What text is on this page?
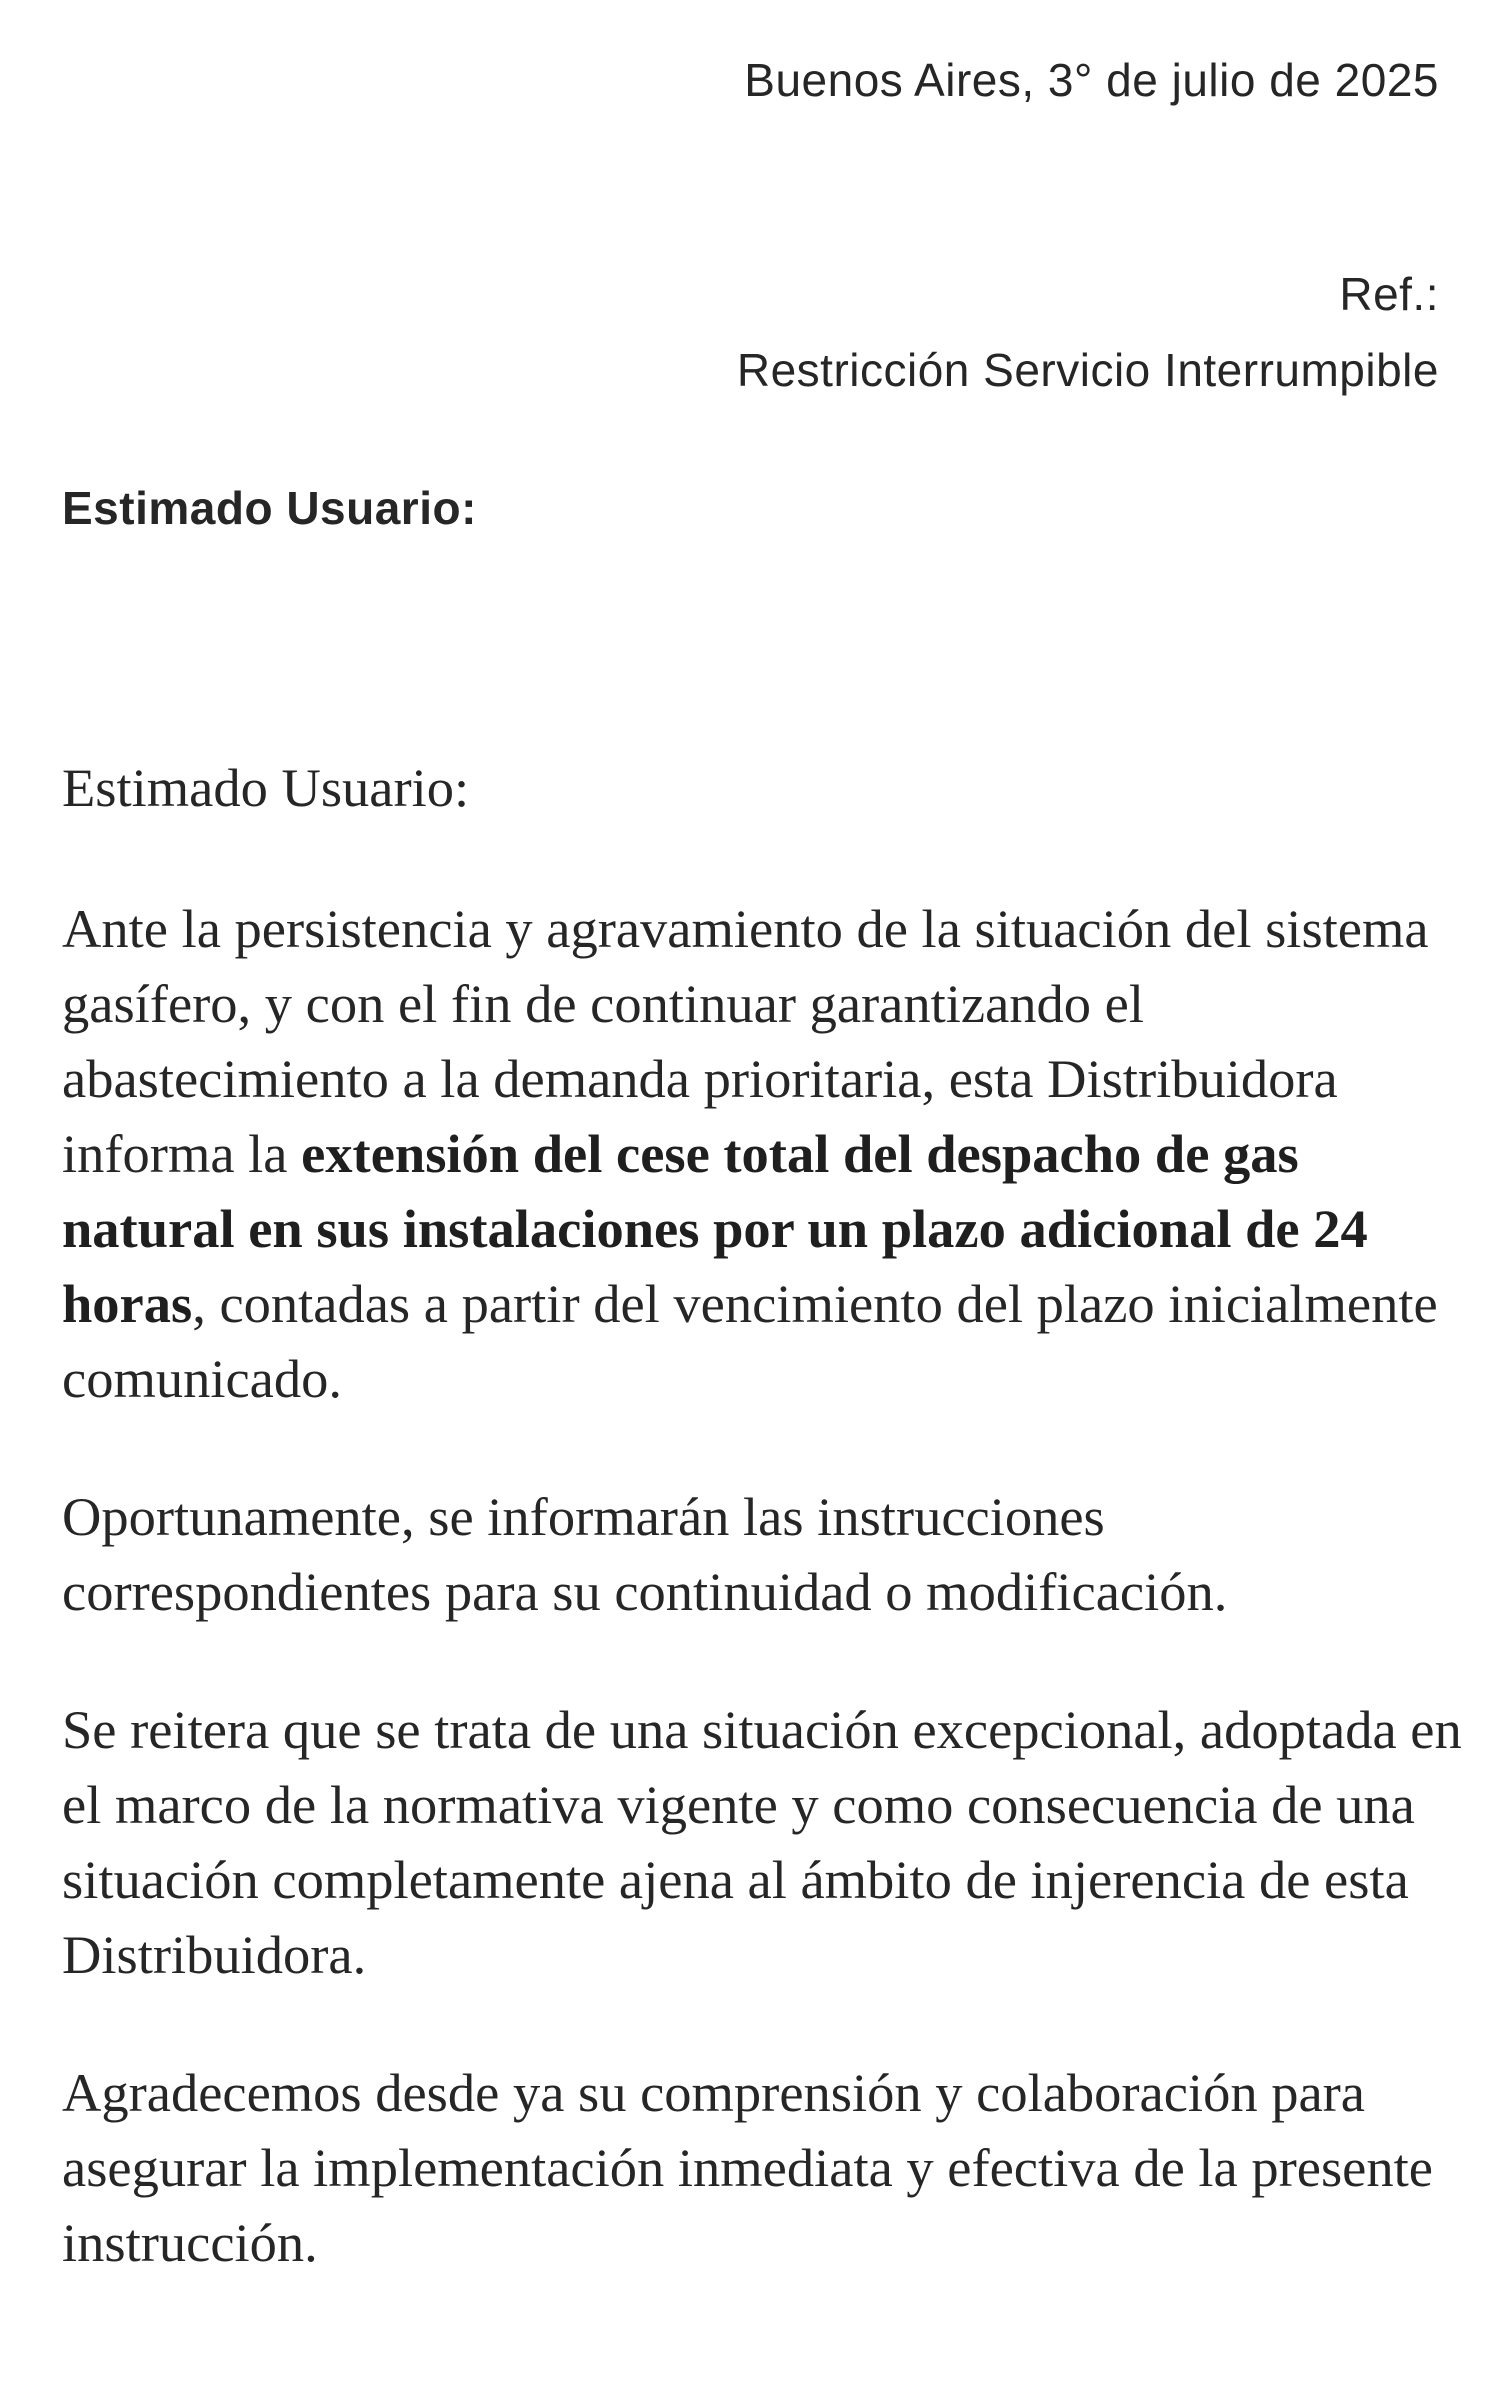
Buenos Aires, 3° de julio de 2025
Ref.:
Restricción Servicio Interrumpible
Estimado Usuario:

Estimado Usuario:

Ante la persistencia y agravamiento de la situación del sistema gasífero, y con el fin de continuar garantizando el abastecimiento a la demanda prioritaria, esta Distribuidora informa la extensión del cese total del despacho de gas natural en sus instalaciones por un plazo adicional de 24 horas, contadas a partir del vencimiento del plazo inicialmente comunicado.

Oportunamente, se informarán las instrucciones correspondientes para su continuidad o modificación.

Se reitera que se trata de una situación excepcional, adoptada en el marco de la normativa vigente y como consecuencia de una situación completamente ajena al ámbito de injerencia de esta Distribuidora.

Agradecemos desde ya su comprensión y colaboración para asegurar la implementación inmediata y efectiva de la presente instrucción.
